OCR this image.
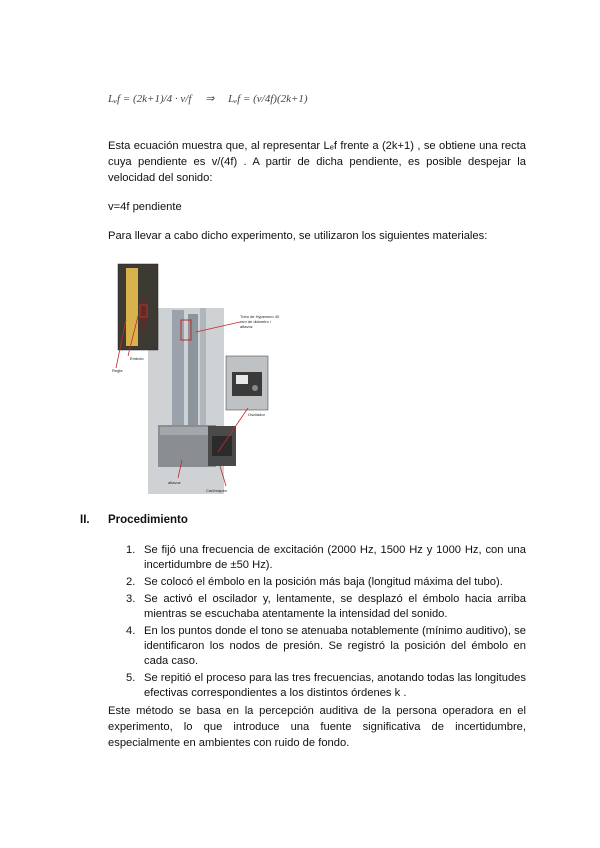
Lₑf = (2k+1)/4 · v/f ⇒ Lₑf = (v/4f)(2k+1)

Esta ecuación muestra que, al representar Lₑf frente a (2k+1) , se obtiene una recta cuya pendiente es v/(4f) . A partir de dicha pendiente, es posible despejar la velocidad del sonido:

v=4f pendiente

Para llevar a cabo dicho experimento, se utilizaron los siguientes materiales:

Tubo de Hypeneco 40 mm de diámetro / altavoz
Émbolo
Regla
Oscilador
altavoz
Cart/mapeo
II. Procedimiento
1. Se fijó una frecuencia de excitación (2000 Hz, 1500 Hz y 1000 Hz, con una incertidumbre de ±50 Hz).
2. Se colocó el émbolo en la posición más baja (longitud máxima del tubo).
3. Se activó el oscilador y, lentamente, se desplazó el émbolo hacia arriba mientras se escuchaba atentamente la intensidad del sonido.
4. En los puntos donde el tono se atenuaba notablemente (mínimo auditivo), se identificaron los nodos de presión. Se registró la posición del émbolo en cada caso.
5. Se repitió el proceso para las tres frecuencias, anotando todas las longitudes efectivas correspondientes a los distintos órdenes k .

Este método se basa en la percepción auditiva de la persona operadora en el experimento, lo que introduce una fuente significativa de incertidumbre, especialmente en ambientes con ruido de fondo.
